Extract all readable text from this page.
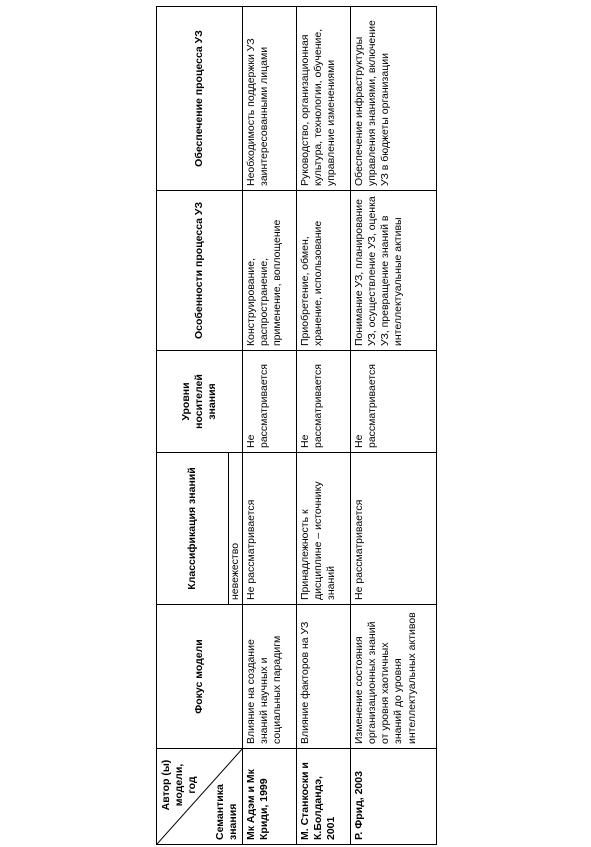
Автор (ы) модели, год Семантика знания	Фокус модели	Классификация знаний	Уровни носителей знания	Особенности процесса УЗ	Обеспечение процесса УЗ
		невежество			
Мк Адэм и Мк Криди, 1999	Влияние на создание знаний научных и социальных парадигм	Не рассматривается	Не рассматривается	Конструирование, распространение, применение, воплощение	Необходимость поддержки УЗ заинтересованными лицами
М. Станкоски и К.Болдандэ, 2001	Влияние факторов на УЗ	Принадлежность к дисциплине – источнику знаний	Не рассматривается	Приобретение, обмен, хранение, использование	Руководство, организационная культура, технологии, обучение, управление изменениями
Р. Фрид, 2003	Изменение состояния организационных знаний от уровня хаотичных знаний до уровня интеллектуальных активов	Не рассматривается	Не рассматривается	Понимание УЗ, планирование УЗ, осуществление УЗ, оценка УЗ, превращение знаний в интеллектуальные активы	Обеспечение инфраструктуры управления знаниями, включение УЗ в бюджеты организации
